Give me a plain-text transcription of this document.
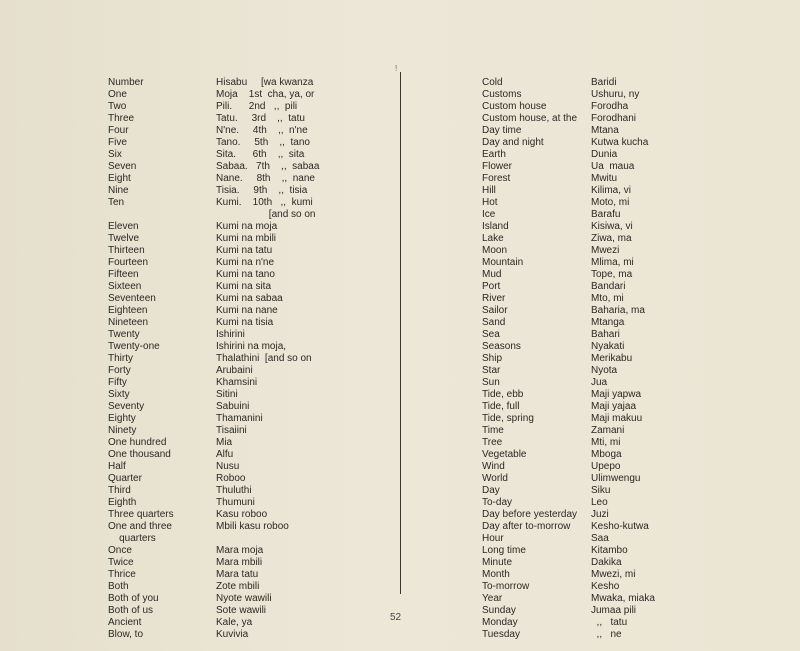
!
Number	Hisabu     [wa kwanza
One	Moja    1st  cha, ya, or
Two	Pili.      2nd   ,,  pili
Three	Tatu.     3rd    ,,  tatu
Four	N'ne.     4th    ,,  n'ne
Five	Tano.     5th    ,,  tano
Six	Sita.      6th    ,,  sita
Seven	Sabaa.   7th    ,,  sabaa
Eight	Nane.     8th    ,,  nane
Nine	Tisia.     9th    ,,  tisia
Ten	Kumi.    10th   ,,  kumi
[and so on
Eleven	Kumi na moja
Twelve	Kumi na mbili
Thirteen	Kumi na tatu
Fourteen	Kumi na n'ne
Fifteen	Kumi na tano
Sixteen	Kumi na sita
Seventeen	Kumi na sabaa
Eighteen	Kumi na nane
Nineteen	Kumi na tisia
Twenty	Ishirini
Twenty-one	Ishirini na moja,
Thirty	Thalathini  [and so on
Forty	Arubaini
Fifty	Khamsini
Sixty	Sitini
Seventy	Sabuini
Eighty	Thamanini
Ninety	Tisaiini
One hundred	Mia
One thousand	Alfu
Half	Nusu
Quarter	Roboo
Third	Thuluthi
Eighth	Thumuni
Three quarters	Kasu roboo
One and three	Mbili kasu roboo
quarters
Once	Mara moja
Twice	Mara mbili
Thrice	Mara tatu
Both	Zote mbili
Both of you	Nyote wawili
Both of us	Sote wawili
Ancient	Kale, ya
Blow, to	Kuvivia
Cold	Baridi
Customs	Ushuru, ny
Custom house	Forodha
Custom house, at the Forodhani
Day time	Mtana
Day and night	Kutwa kucha
Earth	Dunia
Flower	Ua  maua
Forest	Mwitu
Hill	Kilima, vi
Hot	Moto, mi
Ice	Barafu
Island	Kisiwa, vi
Lake	Ziwa, ma
Moon	Mwezi
Mountain	Mlima, mi
Mud	Tope, ma
Port	Bandari
River	Mto, mi
Sailor	Baharia, ma
Sand	Mtanga
Sea	Bahari
Seasons	Nyakati
Ship	Merikabu
Star	Nyota
Sun	Jua
Tide, ebb	Maji yapwa
Tide, full	Maji yajaa
Tide, spring	Maji makuu
Time	Zamani
Tree	Mti, mi
Vegetable	Mboga
Wind	Upepo
World	Ulimwengu
Day	Siku
To-day	Leo
Day before yesterday Juzi
Day after to-morrow Kesho-kutwa
Hour	Saa
Long time	Kitambo
Minute	Dakika
Month	Mwezi, mi
To-morrow	Kesho
Year	Mwaka, miaka
Sunday	Jumaa pili
Monday	,,   tatu
Tuesday	,,   ne
52
